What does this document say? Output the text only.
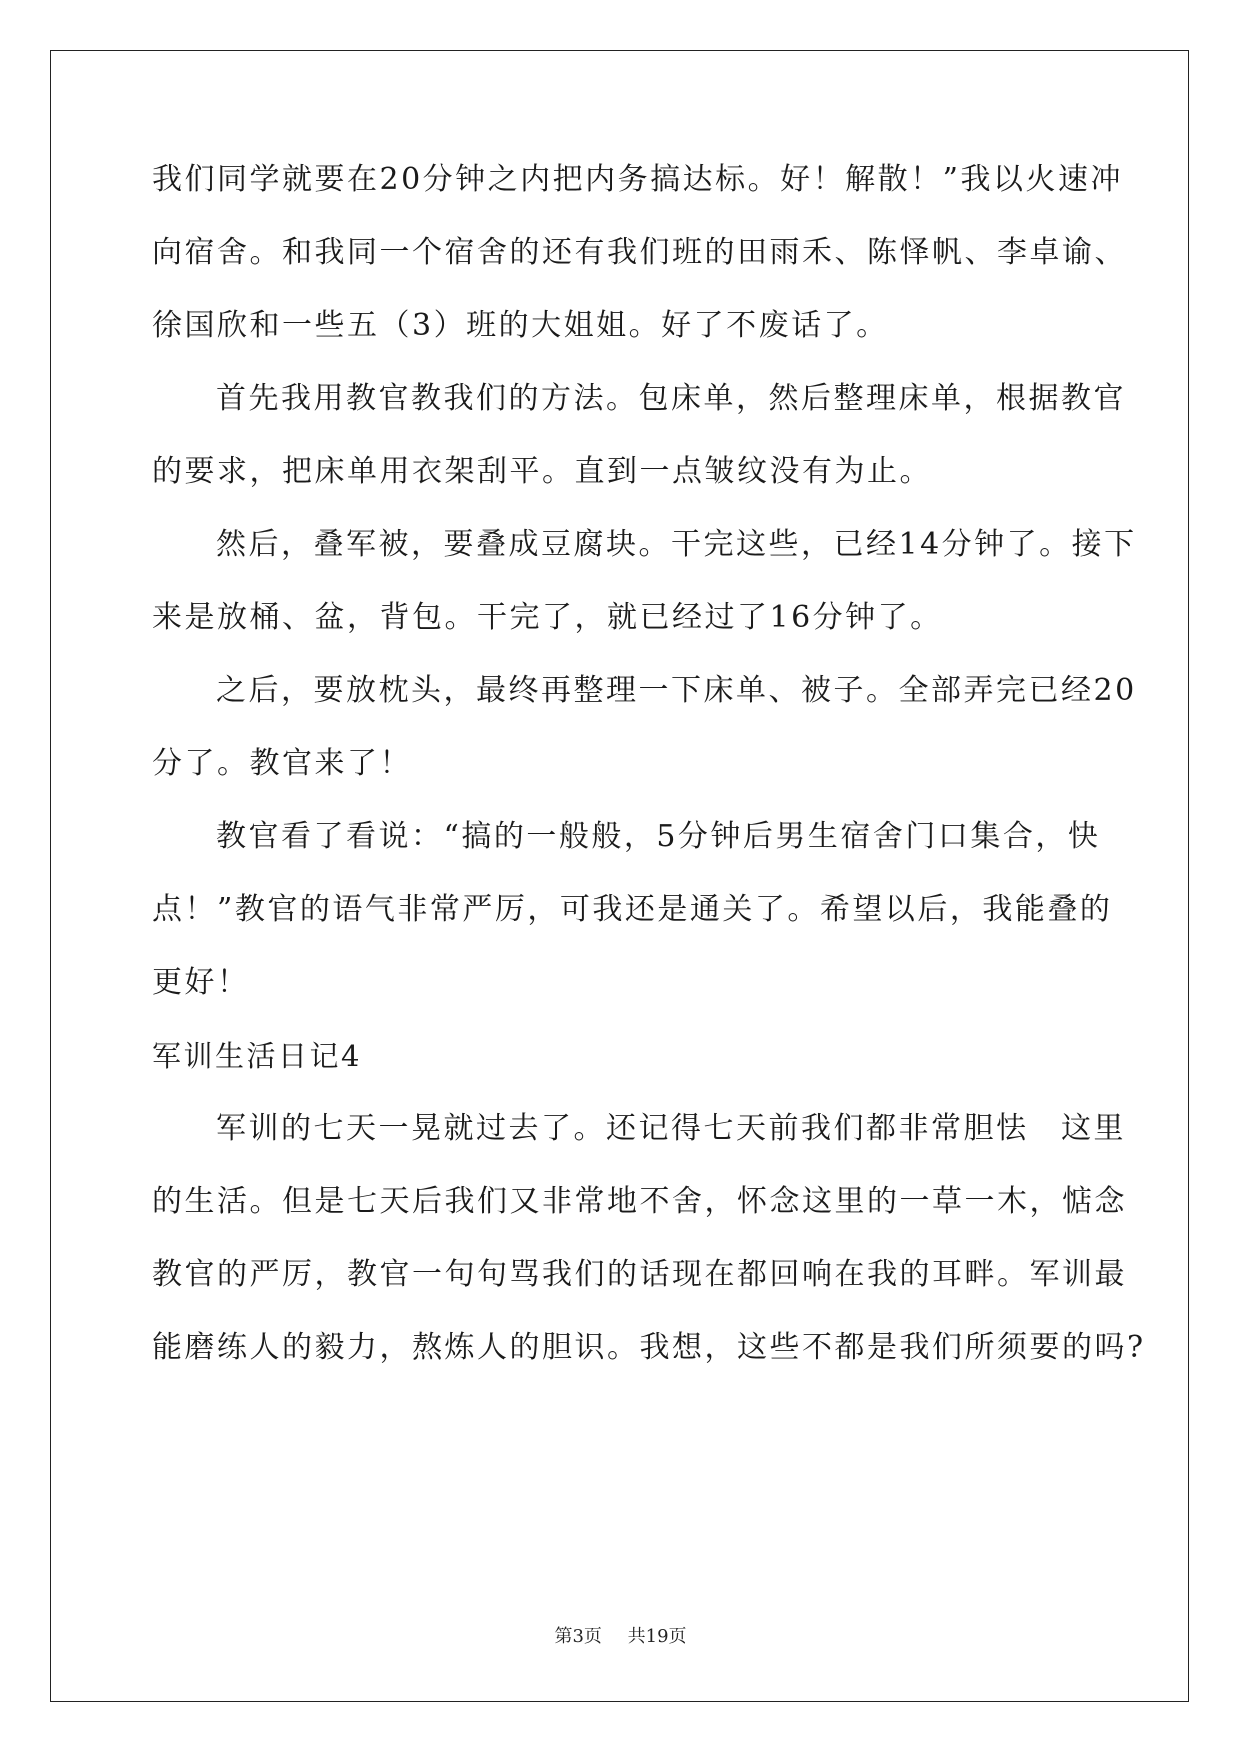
我们同学就要在20分钟之内把内务搞达标。好！解散！”我以火速冲
向宿舍。和我同一个宿舍的还有我们班的田雨禾、陈怿帆、李卓谕、
徐国欣和一些五（3）班的大姐姐。好了不废话了。
首先我用教官教我们的方法。包床单，然后整理床单，根据教官
的要求，把床单用衣架刮平。直到一点皱纹没有为止。
然后，叠军被，要叠成豆腐块。干完这些，已经14分钟了。接下
来是放桶、盆，背包。干完了，就已经过了16分钟了。
之后，要放枕头，最终再整理一下床单、被子。全部弄完已经20
分了。教官来了！
教官看了看说：“搞的一般般，5分钟后男生宿舍门口集合，快
点！”教官的语气非常严厉，可我还是通关了。希望以后，我能叠的
更好！
军训生活日记4
军训的七天一晃就过去了。还记得七天前我们都非常胆怯　这里
的生活。但是七天后我们又非常地不舍，怀念这里的一草一木，惦念
教官的严厉，教官一句句骂我们的话现在都回响在我的耳畔。军训最
能磨练人的毅力，熬炼人的胆识。我想，这些不都是我们所须要的吗?
第3页 共19页
